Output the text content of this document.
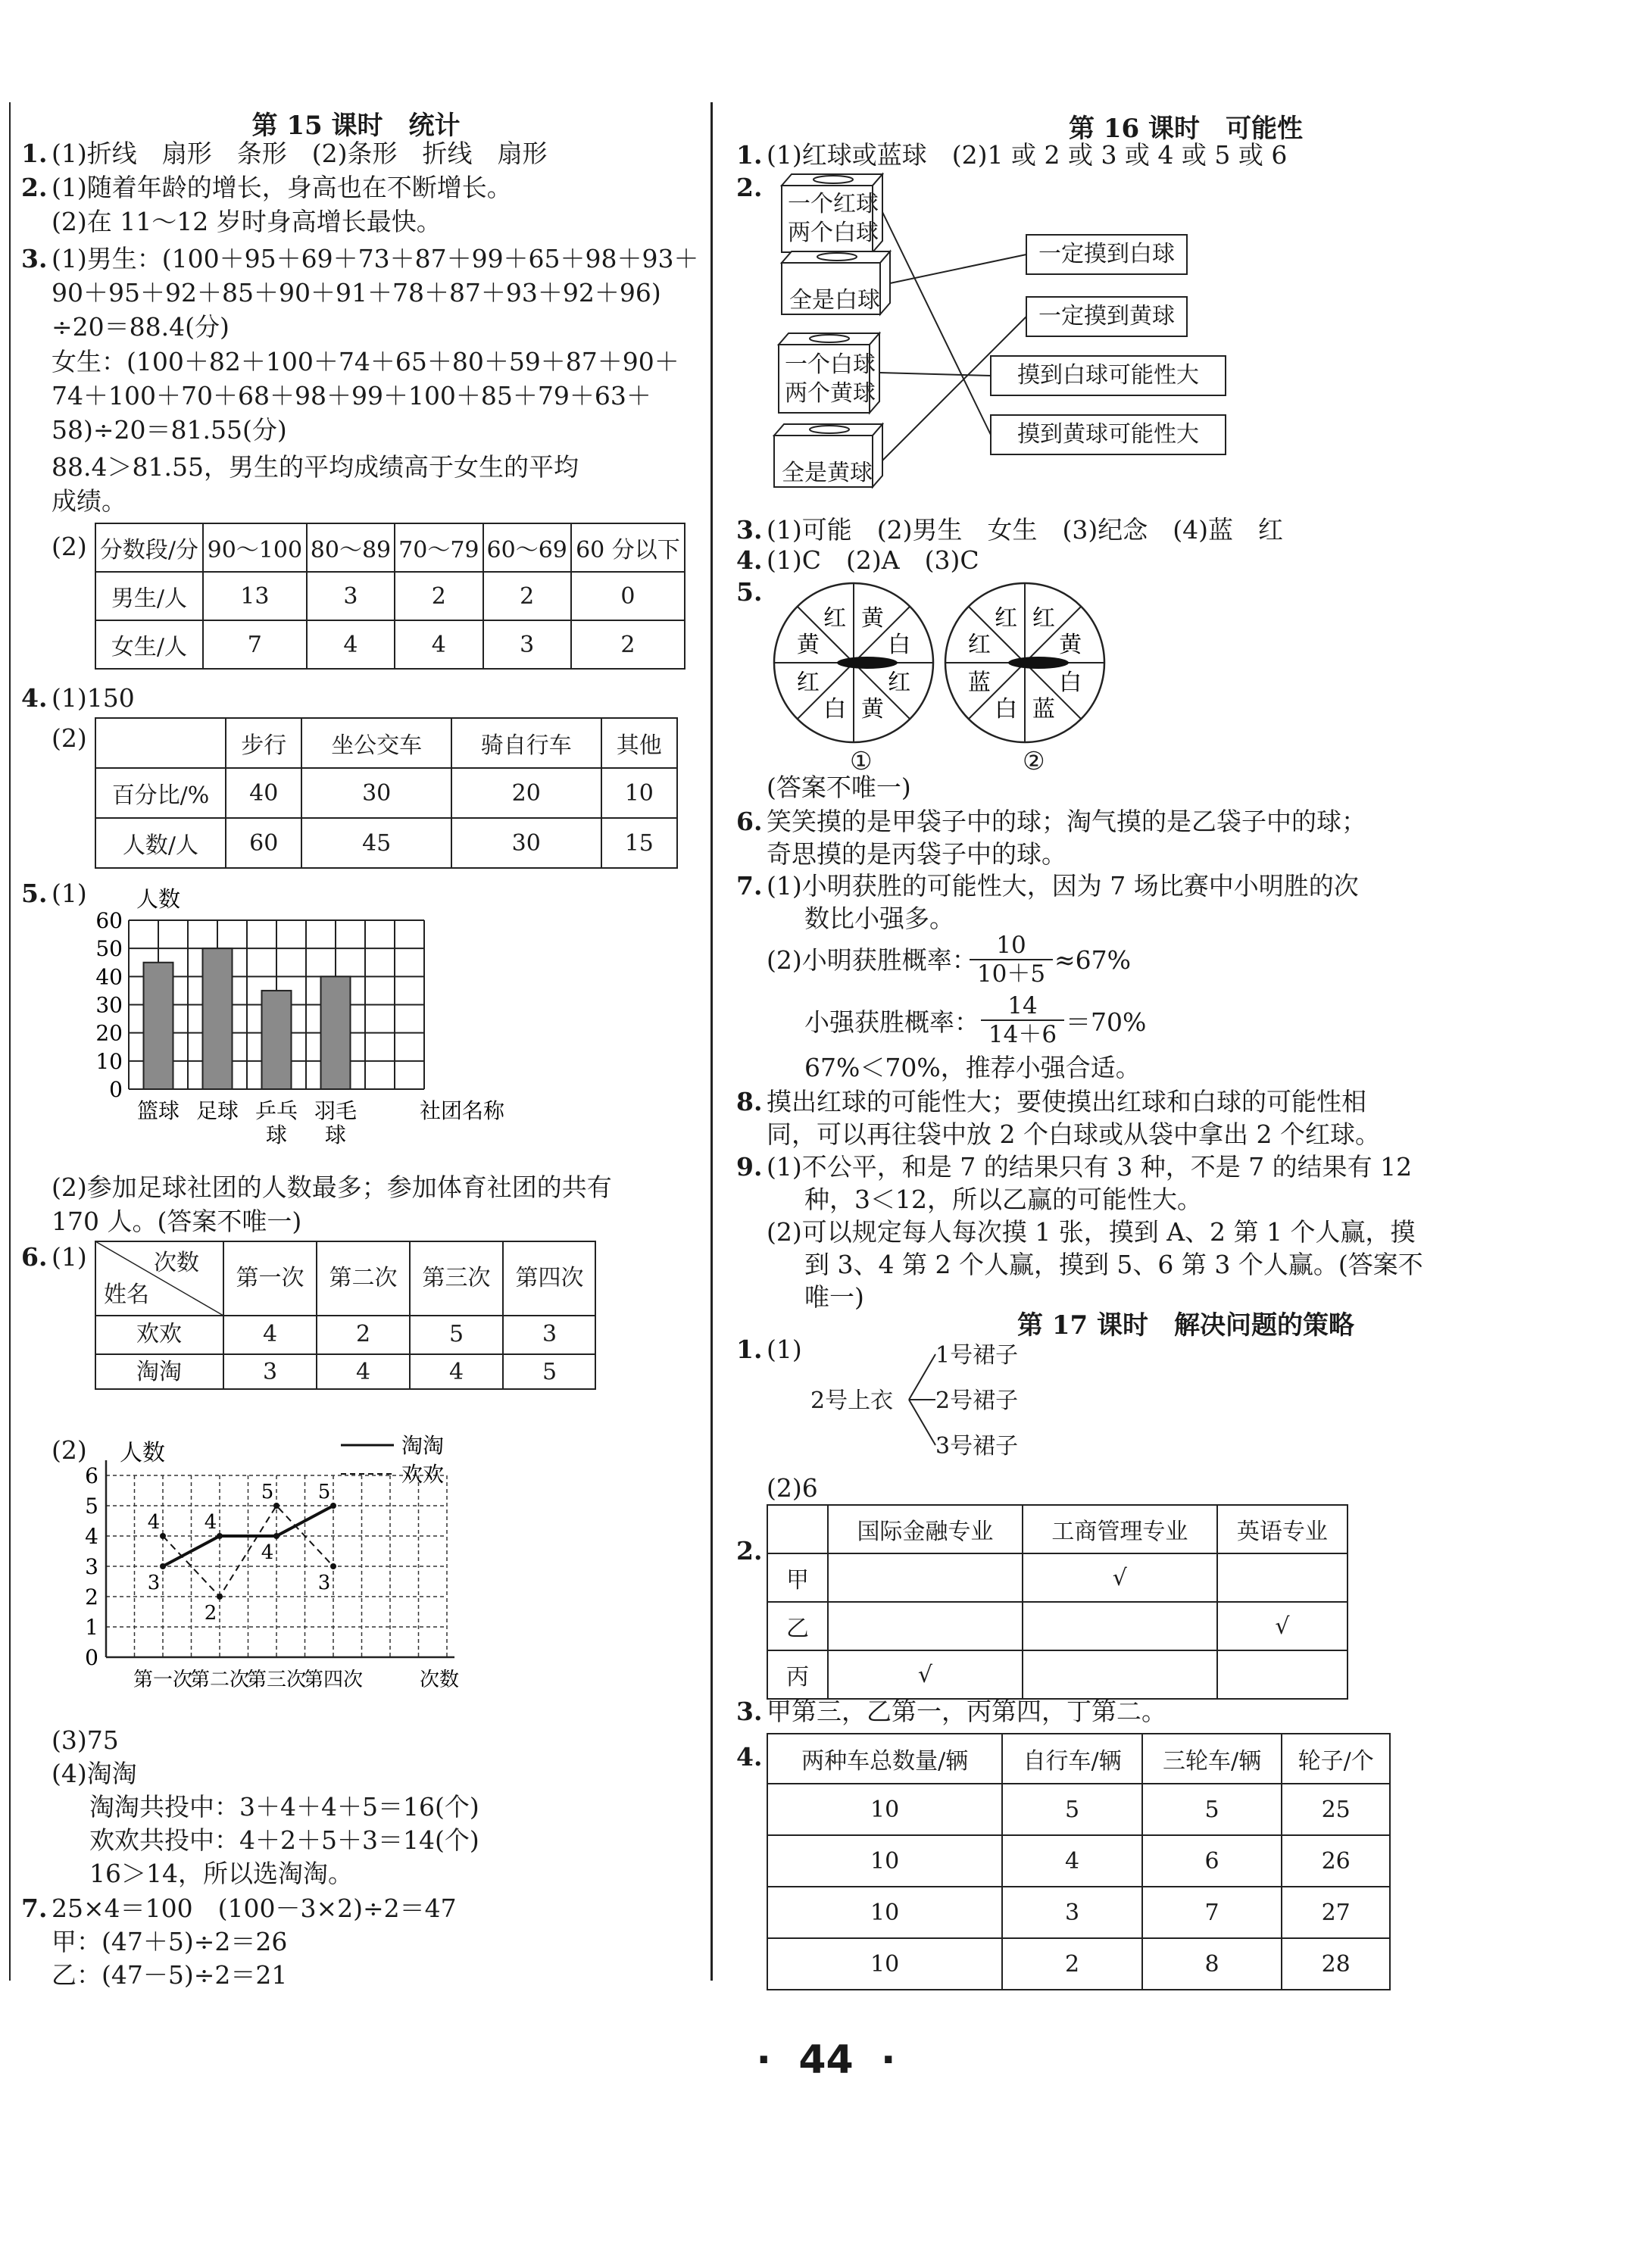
第 15 课时　统计
1. (1)折线　扇形　条形　(2)条形　折线　扇形
2. (1)随着年龄的增长，身高也在不断增长。
(2)在 11～12 岁时身高增长最快。
3. (1)男生：(100＋95＋69＋73＋87＋99＋65＋98＋93＋
90＋95＋92＋85＋90＋91＋78＋87＋93＋92＋96)
÷20＝88.4(分)
女生：(100＋82＋100＋74＋65＋80＋59＋87＋90＋
74＋100＋70＋68＋98＋99＋100＋85＋79＋63＋
58)÷20＝81.55(分)
88.4＞81.55，男生的平均成绩高于女生的平均
成绩。
(2) 分数段/分	90～100	80～89	70～79	60～69	60 分以下
男生/人	13	3	2	2	0
女生/人	7	4	4	3	2
4. (1)150
(2)
		步行	坐公交车	骑自行车	其他
百分比/%	40	30	20	10
人数/人	60	45	30	15
5. (1)
0
10
20
30
40
50
60
人数
篮球 足球 乒乓
球
羽毛
球
社团名称
(2)参加足球社团的人数最多；参加体育社团的共有
170 人。(答案不唯一)
6. (1)	次数
姓名
第一次	第二次	第三次	第四次
欢欢	4	2	5	3
淘淘	3	4	4	5
(2)
0
1
2
3
4
5
6
人数
第一次
第二次
第三次
第四次	次数
3
4
4
5
淘淘
4
2
5
3
欢欢
(3)75
(4)淘淘
淘淘共投中：3＋4＋4＋5＝16(个)
欢欢共投中：4＋2＋5＋3＝14(个)
16＞14，所以选淘淘。
7. 25×4＝100　(100－3×2)÷2＝47
甲：(47＋5)÷2＝26
乙：(47－5)÷2＝21
第 16 课时　可能性
1. (1)红球或蓝球　(2)1 或 2 或 3 或 4 或 5 或 6
2.
一个红球
两个白球
全是白球
一个白球
两个黄球
全是黄球
一定摸到白球
一定摸到黄球
摸到白球可能性大
摸到黄球可能性大
3. (1)可能　(2)男生　女生　(3)纪念　(4)蓝　红
4. (1)C　(2)A　(3)C
5.
黄
白
红
黄
白
红
黄
红	红
黄
白
蓝
白
蓝
红
红
①	②
(答案不唯一)
6. 笑笑摸的是甲袋子中的球；淘气摸的是乙袋子中的球；
奇思摸的是丙袋子中的球。
7. (1)小明获胜的可能性大，因为 7 场比赛中小明胜的次
数比小强多。
(2)小明获胜概率：
$\frac{10}{10+5} \approx 67\%$
小强获胜概率： $\frac{14}{14+6} =70\%$
67%＜70%，推荐小强合适。
8. 摸出红球的可能性大；要使摸出红球和白球的可能性相
同，可以再往袋中放 2 个白球或从袋中拿出 2 个红球。
9. (1)不公平，和是 7 的结果只有 3 种，不是 7 的结果有 12
种，3＜12，所以乙赢的可能性大。
(2)可以规定每人每次摸 1 张，摸到 A、2 第 1 个人赢，摸
到 3、4 第 2 个人赢，摸到 5、6 第 3 个人赢。(答案不
唯一)
第 17 课时　解决问题的策略
1. (1)
2号上衣
1号裙子
2号裙子
3号裙子
(2)6
2.
	国际金融专业	工商管理专业	英语专业
甲		√	
乙			√
丙	√		
3. 甲第三，乙第一，丙第四，丁第二。
4. 两种车总数量/辆	自行车/辆	三轮车/辆	轮子/个
10	5	5	25
10	4	6	26
10	3	7	27
10	2	8	28
·  44  ·
